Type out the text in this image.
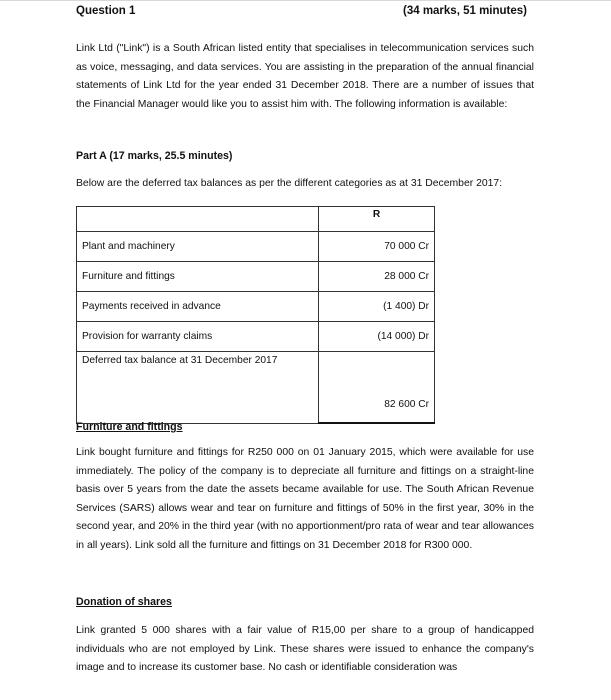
Question 1	(34 marks, 51 minutes)

Link Ltd ("Link") is a South African listed entity that specialises in telecommunication services such as voice, messaging, and data services. You are assisting in the preparation of the annual financial statements of Link Ltd for the year ended 31 December 2018. There are a number of issues that the Financial Manager would like you to assist him with. The following information is available:

Part A (17 marks, 25.5 minutes)
Below are the deferred tax balances as per the different categories as at 31 December 2017:
	R
Plant and machinery	70 000 Cr
Furniture and fittings	28 000 Cr
Payments received in advance	(1 400) Dr
Provision for warranty claims	(14 000) Dr
Deferred tax balance at 31 December 2017	82 600 Cr
Furniture and fittings

Link bought furniture and fittings for R250 000 on 01 January 2015, which were available for use immediately. The policy of the company is to depreciate all furniture and fittings on a straight-line basis over 5 years from the date the assets became available for use. The South African Revenue Services (SARS) allows wear and tear on furniture and fittings of 50% in the first year, 30% in the second year, and 20% in the third year (with no apportionment/pro rata of wear and tear allowances in all years). Link sold all the furniture and fittings on 31 December 2018 for R300 000.

Donation of shares

Link granted 5 000 shares with a fair value of R15,00 per share to a group of handicapped individuals who are not employed by Link. These shares were issued to enhance the company's image and to increase its customer base. No cash or identifiable consideration was
